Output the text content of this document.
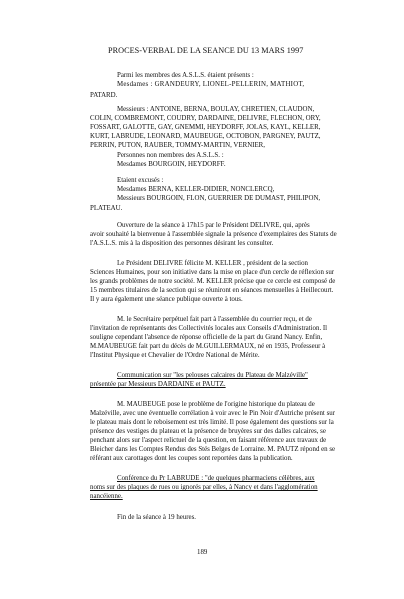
PROCES-VERBAL DE LA SEANCE DU 13 MARS 1997

Parmi les membres des A.S.L.S. étaient présents :

Mesdames : GRANDEURY, LIONEL-PELLERIN, MATHIOT,

PATARD.

Messieurs : ANTOINE, BERNA, BOULAY, CHRETIEN, CLAUDON,

COLIN, COMBREMONT, COUDRY, DARDAINE, DELIVRE, FLECHON, ORY,

FOSSART, GALOTTE, GAY, GNEMMI, HEYDORFF, JOLAS, KAYL, KELLER,

KURT, LABRUDE, LEONARD, MAUBEUGE, OCTOBON, PARGNEY, PAUTZ,

PERRIN, PUTON, RAUBER, TOMMY-MARTIN, VERNIER,

Personnes non membres des A.S.L.S. :

Mesdames BOURGOIN, HEYDORFF.

Etaient excusés :

Mesdames BERNA, KELLER-DIDIER, NONCLERCQ,

Messieurs BOURGOIN, FLON, GUERRIER DE DUMAST, PHILIPON,

PLATEAU.

Ouverture de la séance à 17h15 par le Président DELIVRE, qui, après

avoir souhaité la bienvenue à l'assemblée signale la présence d'exemplaires des Statuts de

l'A.S.L.S. mis à la disposition des personnes désirant les consulter.

Le Président DELIVRE félicite M. KELLER , président de la section

Sciences Humaines, pour son initiative dans la mise en place d'un cercle de réflexion sur

les grands problèmes de notre société. M. KELLER précise que ce cercle est composé de

15 membres titulaires de la section qui se réuniront en séances mensuelles à Heillecourt.

Il y aura également une séance publique ouverte à tous.

M. le Secrétaire perpétuel fait part à l'assemblée du courrier reçu, et de

l'invitation de représentants des Collectivités locales aux Conseils d'Administration. Il

souligne cependant l'absence de réponse officielle de la part du Grand Nancy. Enfin,

M.MAUBEUGE fait part du décès de M.GUILLERMAUX, né en 1935, Professeur à

l'Institut Physique et Chevalier de l'Ordre National de Mérite.

Communication sur "les pelouses calcaires du Plateau de Malzéville"

présentée par Messieurs DARDAINE et PAUTZ.

M. MAUBEUGE pose le problème de l'origine historique du plateau de

Malzéville, avec une éventuelle corrélation à voir avec le Pin Noir d'Autriche présent sur

le plateau mais dont le reboisement est très limité. Il pose également des questions sur la

présence des vestiges du plateau et la présence de bruyères sur des dalles calcaires, se

penchant alors sur l'aspect relictuel de la question, en faisant référence aux travaux de

Bleicher dans les Comptes Rendus des Stés Belges de Lorraine. M. PAUTZ répond en se

référant aux carottages dont les coupes sont reportées dans la publication.

Conférence du Pr LABRUDE : "de quelques pharmaciens célèbres, aux

noms sur des plaques de rues ou ignorés par elles, à Nancy et dans l'agglomération

nancéienne.

Fin de la séance à 19 heures.

189
